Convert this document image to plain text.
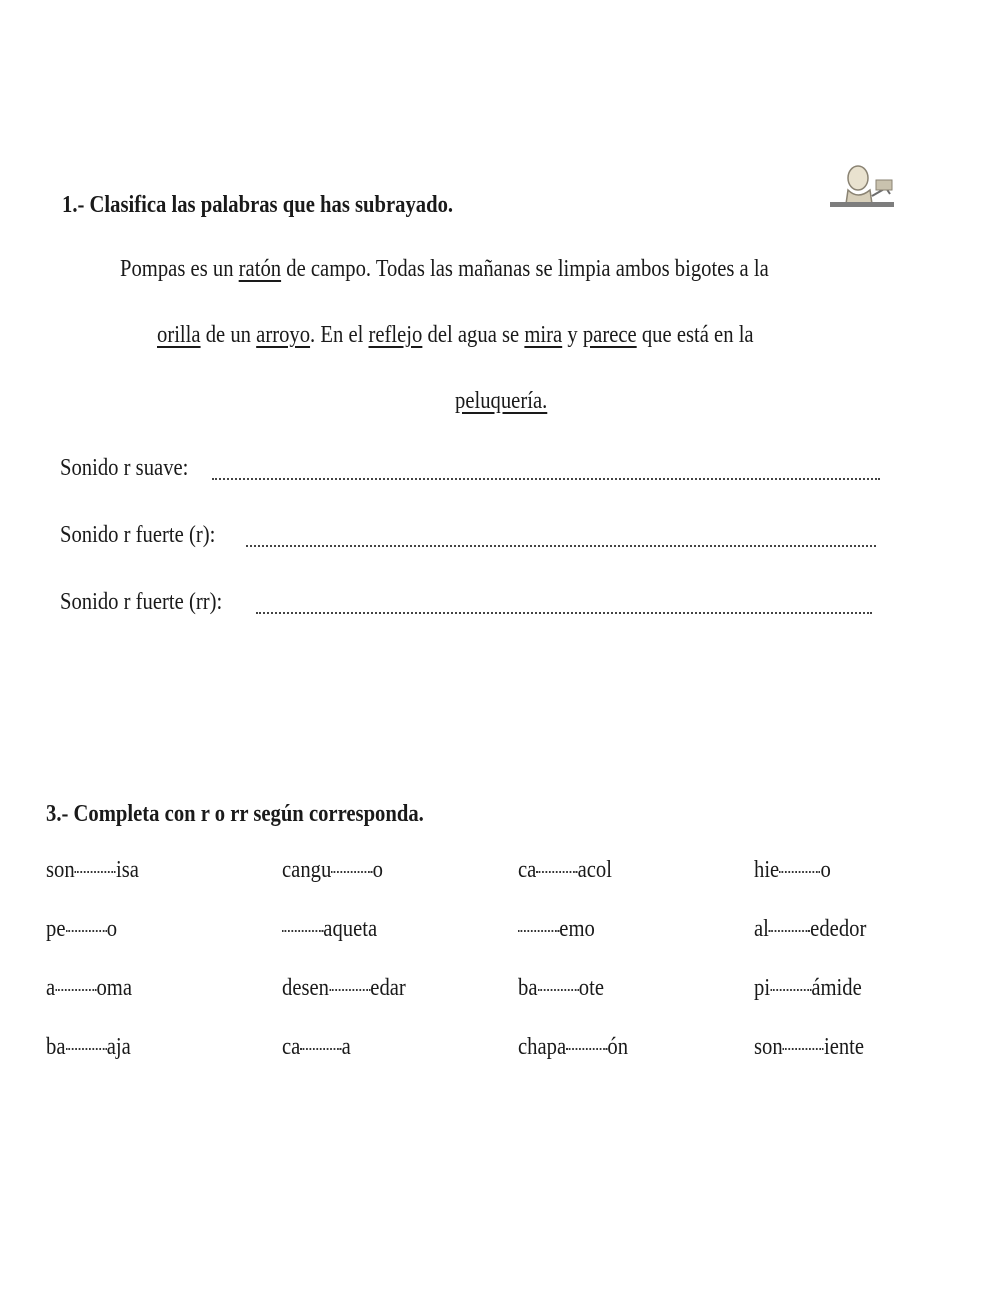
1.- Clasifica las palabras que has subrayado.
Pompas es un ratón de campo. Todas las mañanas se limpia ambos bigotes a la
orilla de un arroyo. En el reflejo del agua se mira y parece que está en la
peluquería.
Sonido r suave:
Sonido r fuerte (r):
Sonido r fuerte (rr):
3.- Completa con r o rr según corresponda.
son isa	cangu o	ca acol	hie o
pe o	aqueta	emo	al ededor
a oma	desen edar	ba ote	pi ámide
ba aja	ca a	chapa ón	son iente
